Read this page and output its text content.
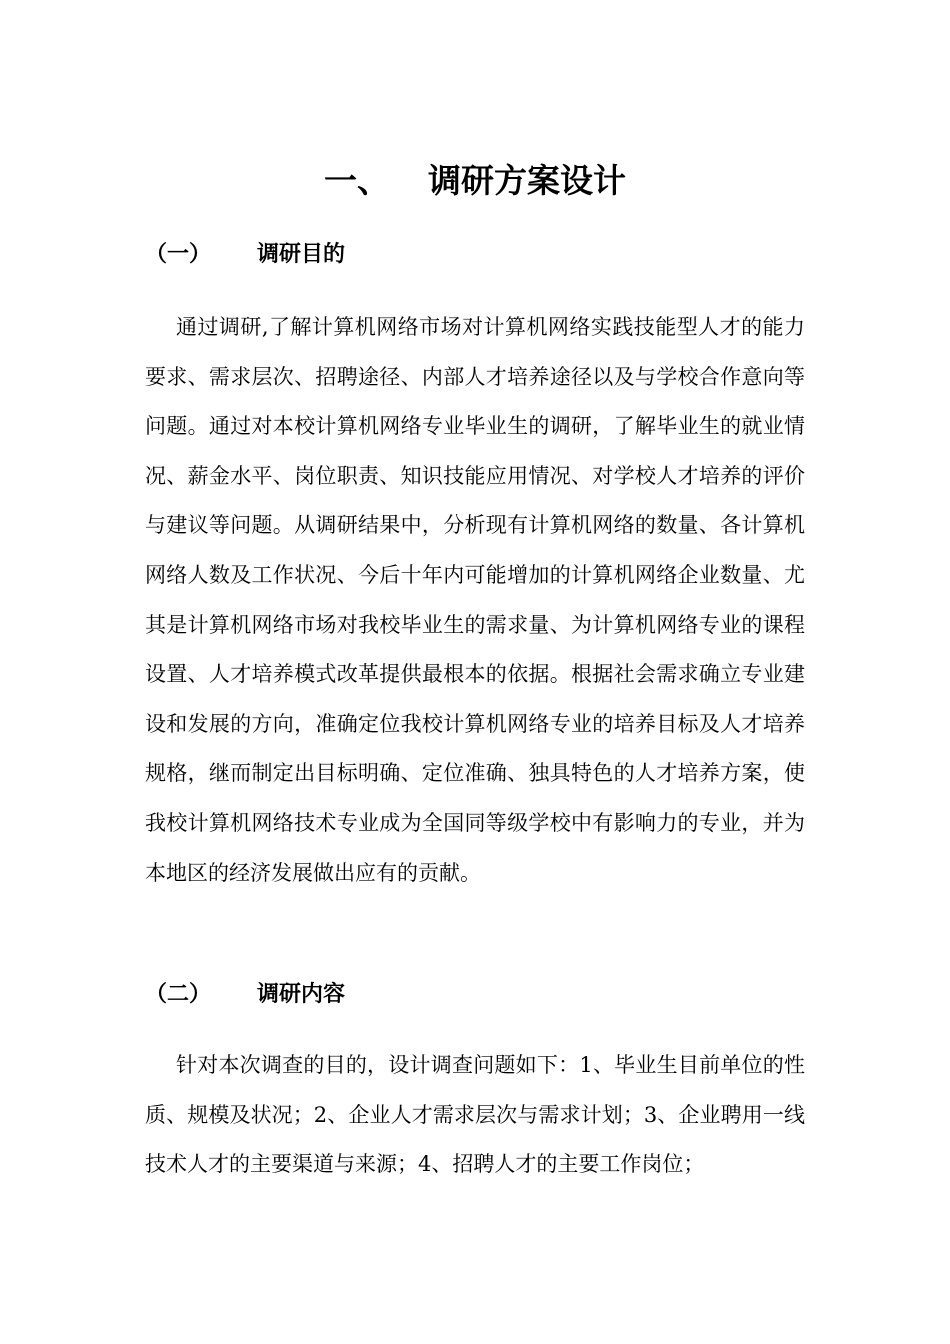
一、 调研方案设计
（一） 调研目的

通过调研,了解计算机网络市场对计算机网络实践技能型人才的能力要求、需求层次、招聘途径、内部人才培养途径以及与学校合作意向等问题。通过对本校计算机网络专业毕业生的调研，了解毕业生的就业情况、薪金水平、岗位职责、知识技能应用情况、对学校人才培养的评价与建议等问题。从调研结果中，分析现有计算机网络的数量、各计算机网络人数及工作状况、今后十年内可能增加的计算机网络企业数量、尤其是计算机网络市场对我校毕业生的需求量、为计算机网络专业的课程设置、人才培养模式改革提供最根本的依据。根据社会需求确立专业建设和发展的方向，准确定位我校计算机网络专业的培养目标及人才培养规格，继而制定出目标明确、定位准确、独具特色的人才培养方案，使我校计算机网络技术专业成为全国同等级学校中有影响力的专业，并为本地区的经济发展做出应有的贡献。

（二） 调研内容

针对本次调查的目的，设计调查问题如下：1、毕业生目前单位的性质、规模及状况；2、企业人才需求层次与需求计划；3、企业聘用一线技术人才的主要渠道与来源；4、招聘人才的主要工作岗位；
